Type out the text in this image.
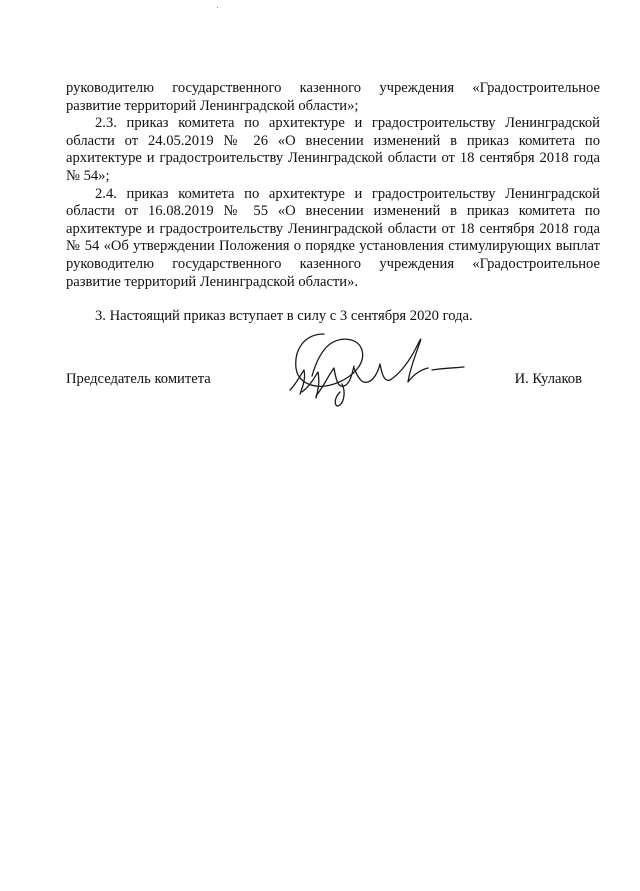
руководителю государственного казенного учреждения «Градостроительное развитие территорий Ленинградской области»;

2.3. приказ комитета по архитектуре и градостроительству Ленинградской области от 24.05.2019 № 26 «О внесении изменений в приказ комитета по архитектуре и градостроительству Ленинградской области от 18 сентября 2018 года № 54»;

2.4. приказ комитета по архитектуре и градостроительству Ленинградской области от 16.08.2019 № 55 «О внесении изменений в приказ комитета по архитектуре и градостроительству Ленинградской области от 18 сентября 2018 года № 54 «Об утверждении Положения о порядке установления стимулирующих выплат руководителю государственного казенного учреждения «Градостроительное развитие территорий Ленинградской области».

3. Настоящий приказ вступает в силу с 3 сентября 2020 года.

Председатель комитета	И. Кулаков
